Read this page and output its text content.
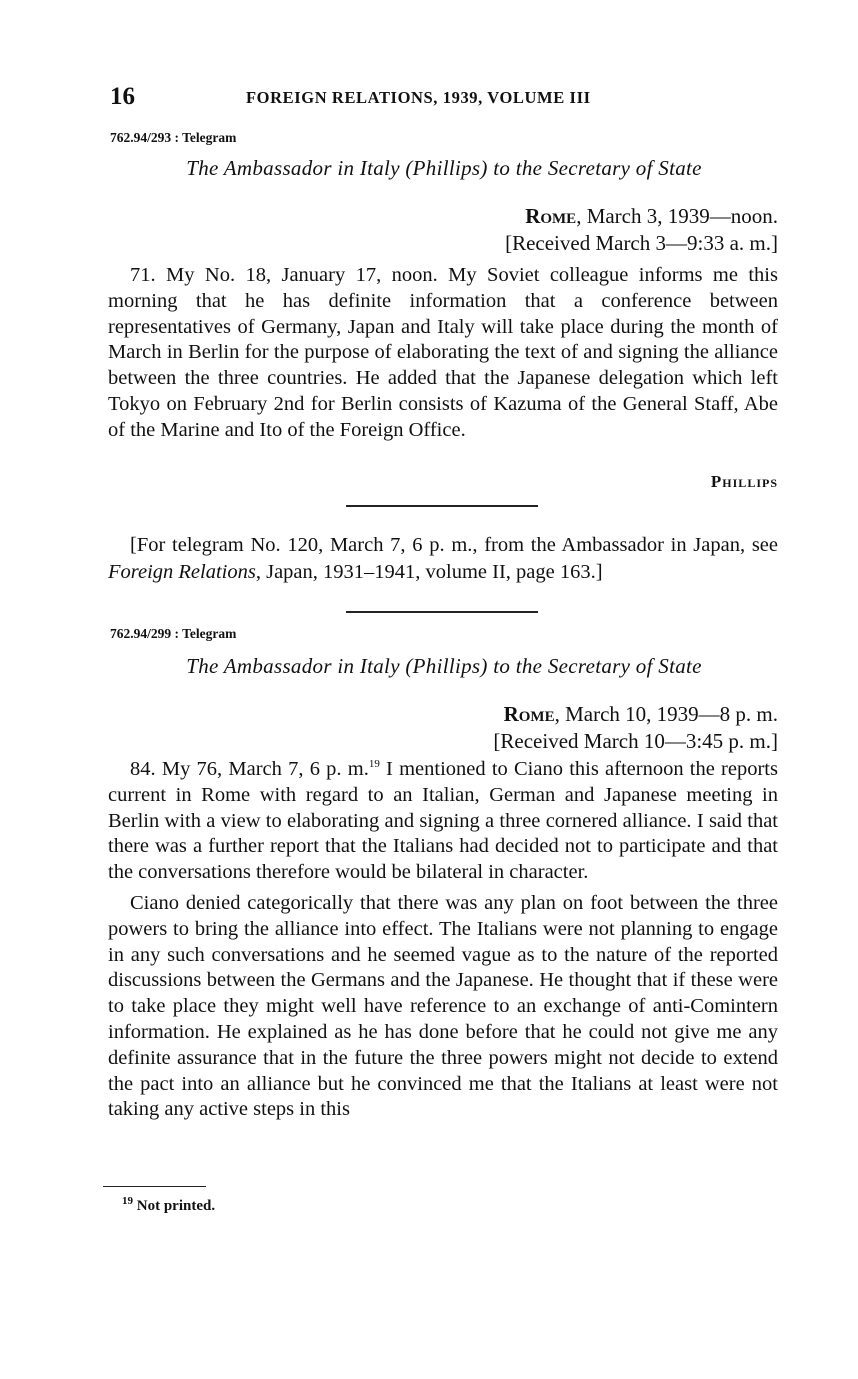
16	FOREIGN RELATIONS, 1939, VOLUME III
762.94/293 : Telegram
The Ambassador in Italy (Phillips) to the Secretary of State
Rome, March 3, 1939—noon.
[Received March 3—9:33 a. m.]

71. My No. 18, January 17, noon. My Soviet colleague informs me this morning that he has definite information that a conference between representatives of Germany, Japan and Italy will take place during the month of March in Berlin for the purpose of elaborating the text of and signing the alliance between the three countries. He added that the Japanese delegation which left Tokyo on February 2nd for Berlin consists of Kazuma of the General Staff, Abe of the Marine and Ito of the Foreign Office.

Phillips
[For telegram No. 120, March 7, 6 p. m., from the Ambassador in Japan, see Foreign Relations, Japan, 1931–1941, volume II, page 163.]
762.94/299 : Telegram
The Ambassador in Italy (Phillips) to the Secretary of State
Rome, March 10, 1939—8 p. m.
[Received March 10—3:45 p. m.]

84. My 76, March 7, 6 p. m.$^{19}$ I mentioned to Ciano this afternoon the reports current in Rome with regard to an Italian, German and Japanese meeting in Berlin with a view to elaborating and signing a three cornered alliance. I said that there was a further report that the Italians had decided not to participate and that the conversations therefore would be bilateral in character.

Ciano denied categorically that there was any plan on foot between the three powers to bring the alliance into effect. The Italians were not planning to engage in any such conversations and he seemed vague as to the nature of the reported discussions between the Germans and the Japanese. He thought that if these were to take place they might well have reference to an exchange of anti-Comintern information. He explained as he has done before that he could not give me any definite assurance that in the future the three powers might not decide to extend the pact into an alliance but he convinced me that the Italians at least were not taking any active steps in this

$^{19}$ Not printed.
